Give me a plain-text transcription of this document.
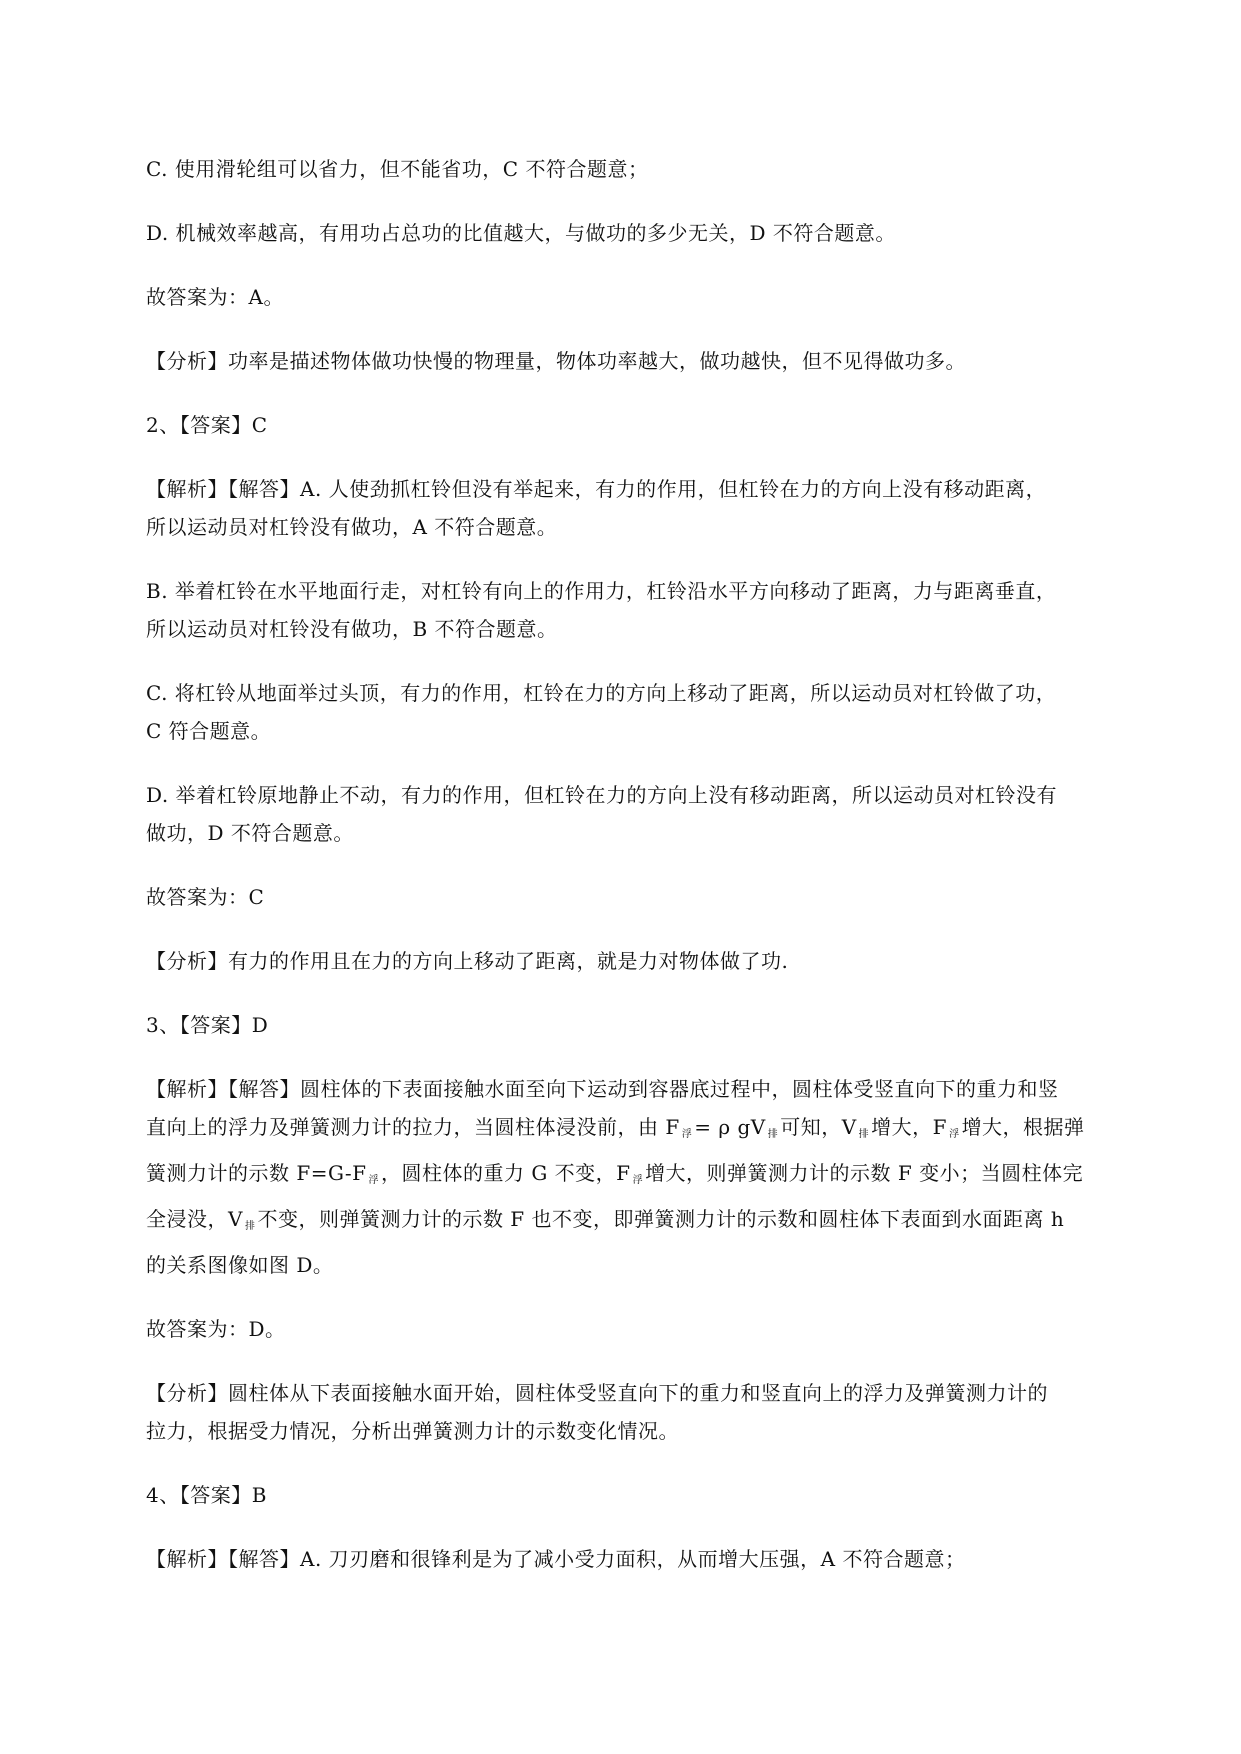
C. 使用滑轮组可以省力，但不能省功，C 不符合题意；

D. 机械效率越高，有用功占总功的比值越大，与做功的多少无关，D 不符合题意。

故答案为：A。

【分析】功率是描述物体做功快慢的物理量，物体功率越大，做功越快，但不见得做功多。

2、【答案】C

【解析】【解答】A. 人使劲抓杠铃但没有举起来，有力的作用，但杠铃在力的方向上没有移动距离，
所以运动员对杠铃没有做功，A 不符合题意。

B. 举着杠铃在水平地面行走，对杠铃有向上的作用力，杠铃沿水平方向移动了距离，力与距离垂直，
所以运动员对杠铃没有做功，B 不符合题意。

C. 将杠铃从地面举过头顶，有力的作用，杠铃在力的方向上移动了距离，所以运动员对杠铃做了功，
C 符合题意。

D. 举着杠铃原地静止不动，有力的作用，但杠铃在力的方向上没有移动距离，所以运动员对杠铃没有
做功，D 不符合题意。

故答案为：C

【分析】有力的作用且在力的方向上移动了距离，就是力对物体做了功.

3、【答案】D

【解析】【解答】圆柱体的下表面接触水面至向下运动到容器底过程中，圆柱体受竖直向下的重力和竖
直向上的浮力及弹簧测力计的拉力，当圆柱体浸没前，由 F $_浮$ = ρ gV $_排$ 可知，V $_排$ 增大，F $_浮$ 增大，根据弹
簧测力计的示数 F=G-F $_浮$ ，圆柱体的重力 G 不变，F $_浮$ 增大，则弹簧测力计的示数 F 变小；当圆柱体完
全浸没，V $_排$ 不变，则弹簧测力计的示数 F 也不变，即弹簧测力计的示数和圆柱体下表面到水面距离 h
的关系图像如图 D。

故答案为：D。

【分析】圆柱体从下表面接触水面开始，圆柱体受竖直向下的重力和竖直向上的浮力及弹簧测力计的
拉力，根据受力情况，分析出弹簧测力计的示数变化情况。

4、【答案】B

【解析】【解答】A. 刀刃磨和很锋利是为了减小受力面积，从而增大压强，A 不符合题意；
